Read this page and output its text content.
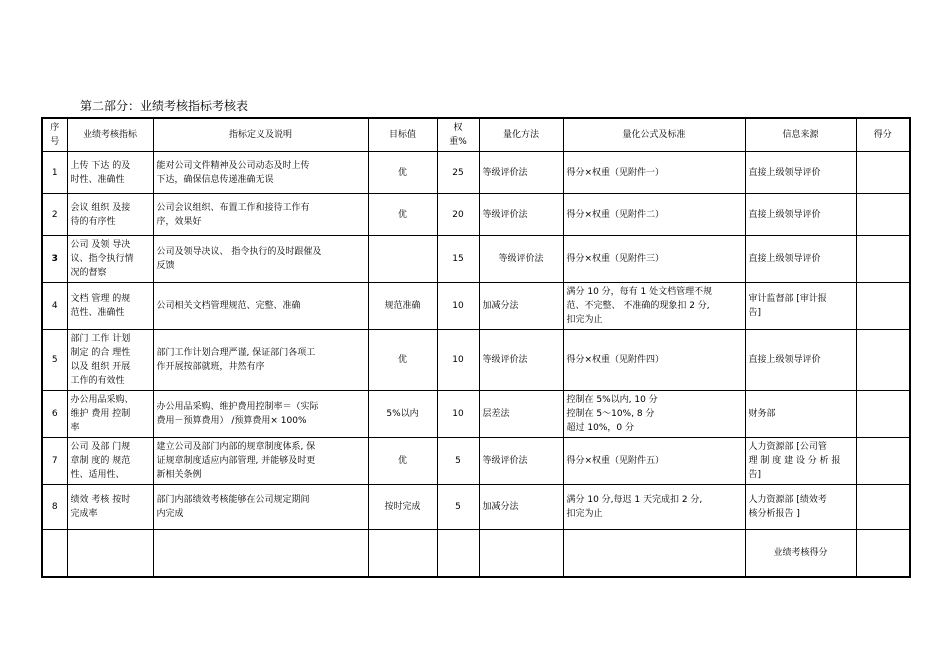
第二部分：业绩考核指标考核表
序
号	业绩考核指标	指标定义及说明	目标值	权
重%	量化方法	量化公式及标准	信息来源	得分
1	上传 下达 的及
时性、准确性	能对公司文件精神及公司动态及时上传
下达，确保信息传递准确无误	优	25	等级评价法	得分×权重（见附件一）	直接上级领导评价	
2	会议 组织 及接
待的有序性	公司会议组织、布置工作和接待工作有
序，效果好	优	20	等级评价法	得分×权重（见附件二）	直接上级领导评价	
3	公司 及领 导决
议、指令执行情
况的督察	公司及领导决议、 指令执行的及时跟催及
反馈		15	等级评价法	得分×权重（见附件三）	直接上级领导评价	
4	文档 管理 的规
范性、准确性	公司相关文档管理规范、完整、准确	规范准确	10	加减分法	满分 10 分，每有 1 处文档管理不规
范、不完整、 不准确的现象扣 2 分,
扣完为止	审计监督部 [审计报
告]	
5	部门 工作 计划
制定 的合 理性
以及 组织 开展
工作的有效性	部门工作计划合理严谨, 保证部门各项工
作开展按部就班，井然有序	优	10	等级评价法	得分×权重（见附件四）	直接上级领导评价	
6	办公用品采购、
维护 费用 控制
率	办公用品采购、维护费用控制率＝（实际
费用－预算费用） /预算费用× 100%	5%以内	10	层差法	控制在 5%以内, 10 分
控制在 5～10%, 8 分
超过 10%，0 分	财务部	
7	公司 及部 门规
章制 度的 规范
性、适用性、	建立公司及部门内部的规章制度体系, 保
证规章制度适应内部管理, 并能够及时更
新相关条例	优	5	等级评价法	得分×权重（见附件五）	人力资源部 [公司管
理 制 度 建 设 分 析 报
告]	
8	绩效 考核 按时
完成率	部门内部绩效考核能够在公司规定期间
内完成	按时完成	5	加减分法	满分 10 分,每迟 1 天完成扣 2 分,
扣完为止	人力资源部 [绩效考
核分析报告 ]	
							业绩考核得分	
